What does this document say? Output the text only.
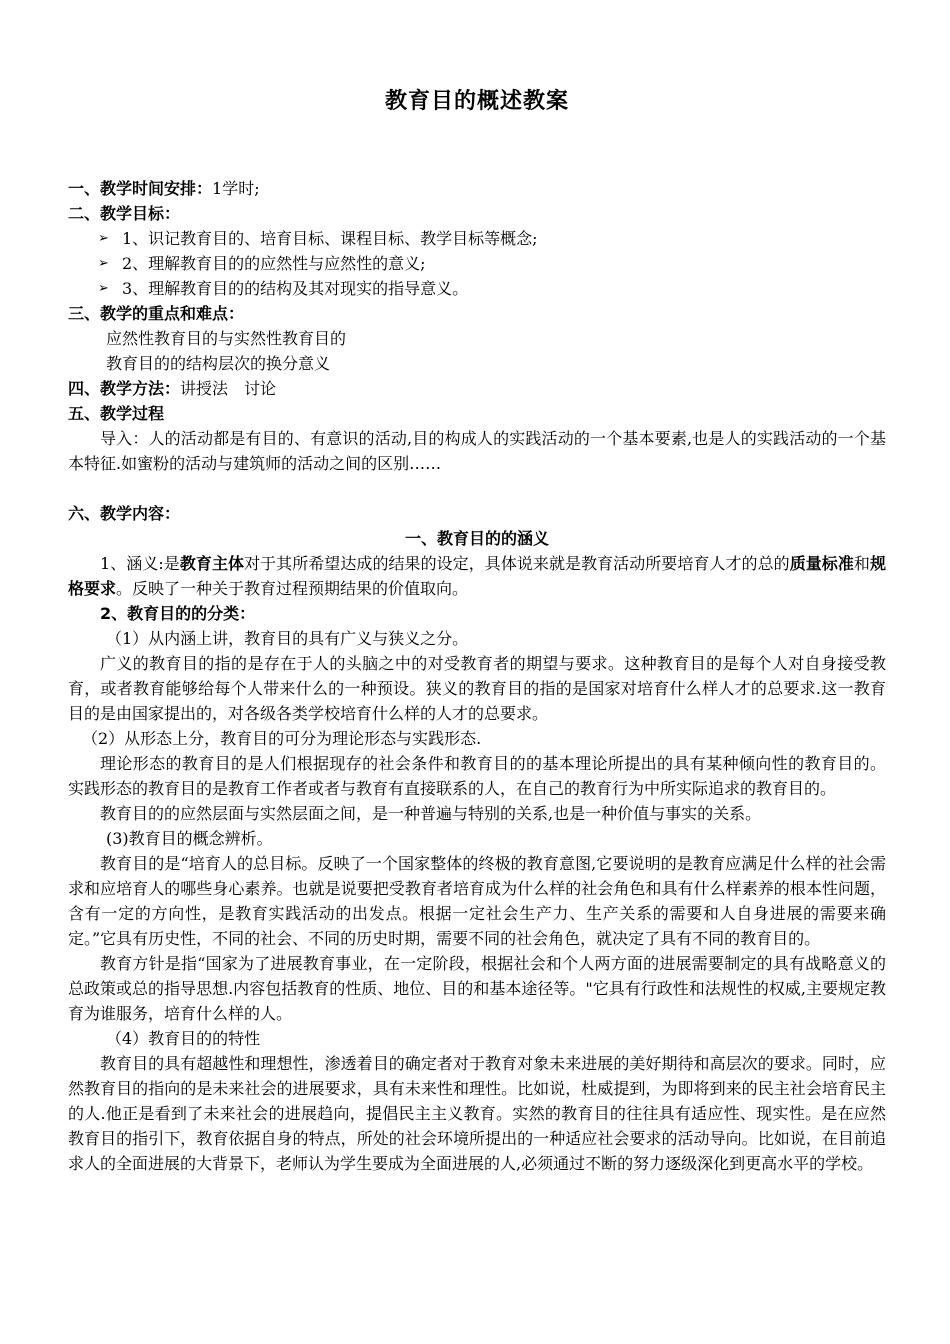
教育目的概述教案

一、教学时间安排：1学时;

二、教学目标：

➢ 1、识记教育目的、培育目标、课程目标、教学目标等概念;
➢ 2、理解教育目的的应然性与应然性的意义;
➢ 3、理解教育目的的结构及其对现实的指导意义。

三、教学的重点和难点：

应然性教育目的与实然性教育目的

教育目的的结构层次的换分意义

四、教学方法：讲授法　讨论

五、教学过程

导入：人的活动都是有目的、有意识的活动,目的构成人的实践活动的一个基本要素,也是人的实践活动的一个基本特征.如蜜粉的活动与建筑师的活动之间的区别……

六、教学内容：

一、教育目的的涵义

1、涵义:是教育主体对于其所希望达成的结果的设定，具体说来就是教育活动所要培育人才的总的质量标准和规格要求。反映了一种关于教育过程预期结果的价值取向。

2、教育目的的分类：

（1）从内涵上讲，教育目的具有广义与狭义之分。

广义的教育目的指的是存在于人的头脑之中的对受教育者的期望与要求。这种教育目的是每个人对自身接受教育，或者教育能够给每个人带来什么的一种预设。狭义的教育目的指的是国家对培育什么样人才的总要求.这一教育目的是由国家提出的，对各级各类学校培育什么样的人才的总要求。

（2）从形态上分，教育目的可分为理论形态与实践形态.

理论形态的教育目的是人们根据现存的社会条件和教育目的的基本理论所提出的具有某种倾向性的教育目的。 实践形态的教育目的是教育工作者或者与教育有直接联系的人，在自己的教育行为中所实际追求的教育目的。

教育目的的应然层面与实然层面之间，是一种普遍与特别的关系,也是一种价值与事实的关系。

(3)教育目的概念辨析。

教育目的是“培育人的总目标。反映了一个国家整体的终极的教育意图,它要说明的是教育应满足什么样的社会需求和应培育人的哪些身心素养。也就是说要把受教育者培育成为什么样的社会角色和具有什么样素养的根本性问题，含有一定的方向性，是教育实践活动的出发点。根据一定社会生产力、生产关系的需要和人自身进展的需要来确定。”它具有历史性，不同的社会、不同的历史时期，需要不同的社会角色，就决定了具有不同的教育目的。

教育方针是指“国家为了进展教育事业，在一定阶段，根据社会和个人两方面的进展需要制定的具有战略意义的总政策或总的指导思想.内容包括教育的性质、地位、目的和基本途径等。"它具有行政性和法规性的权威,主要规定教育为谁服务，培育什么样的人。

（4）教育目的的特性

教育目的具有超越性和理想性，渗透着目的确定者对于教育对象未来进展的美好期待和高层次的要求。同时，应然教育目的指向的是未来社会的进展要求，具有未来性和理性。比如说，杜威提到，为即将到来的民主社会培育民主的人.他正是看到了未来社会的进展趋向，提倡民主主义教育。实然的教育目的往往具有适应性、现实性。是在应然教育目的指引下，教育依据自身的特点，所处的社会环境所提出的一种适应社会要求的活动导向。比如说，在目前追求人的全面进展的大背景下，老师认为学生要成为全面进展的人,必须通过不断的努力逐级深化到更高水平的学校。
